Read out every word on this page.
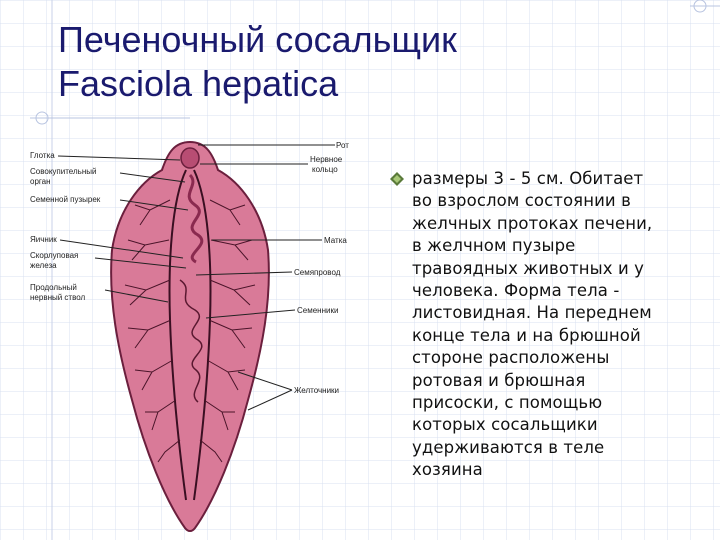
Печеночный сосальщик
Fasciola hepatica
Глотка
Совокупительный
орган
Семенной пузырек
Яичник
Скорлуповая
железа
Продольный
нервный ствол
Рот
Нервное
кольцо
Матка
Семяпровод
Семенники
Желточники
размеры 3 - 5 см. Обитает во взрослом состоянии в желчных протоках печени, в желчном пузыре травоядных животных и у человека. Форма тела - листовидная. На переднем конце тела и на брюшной стороне расположены ротовая и брюшная присоски, с помощью которых сосальщики удерживаются в теле хозяина
